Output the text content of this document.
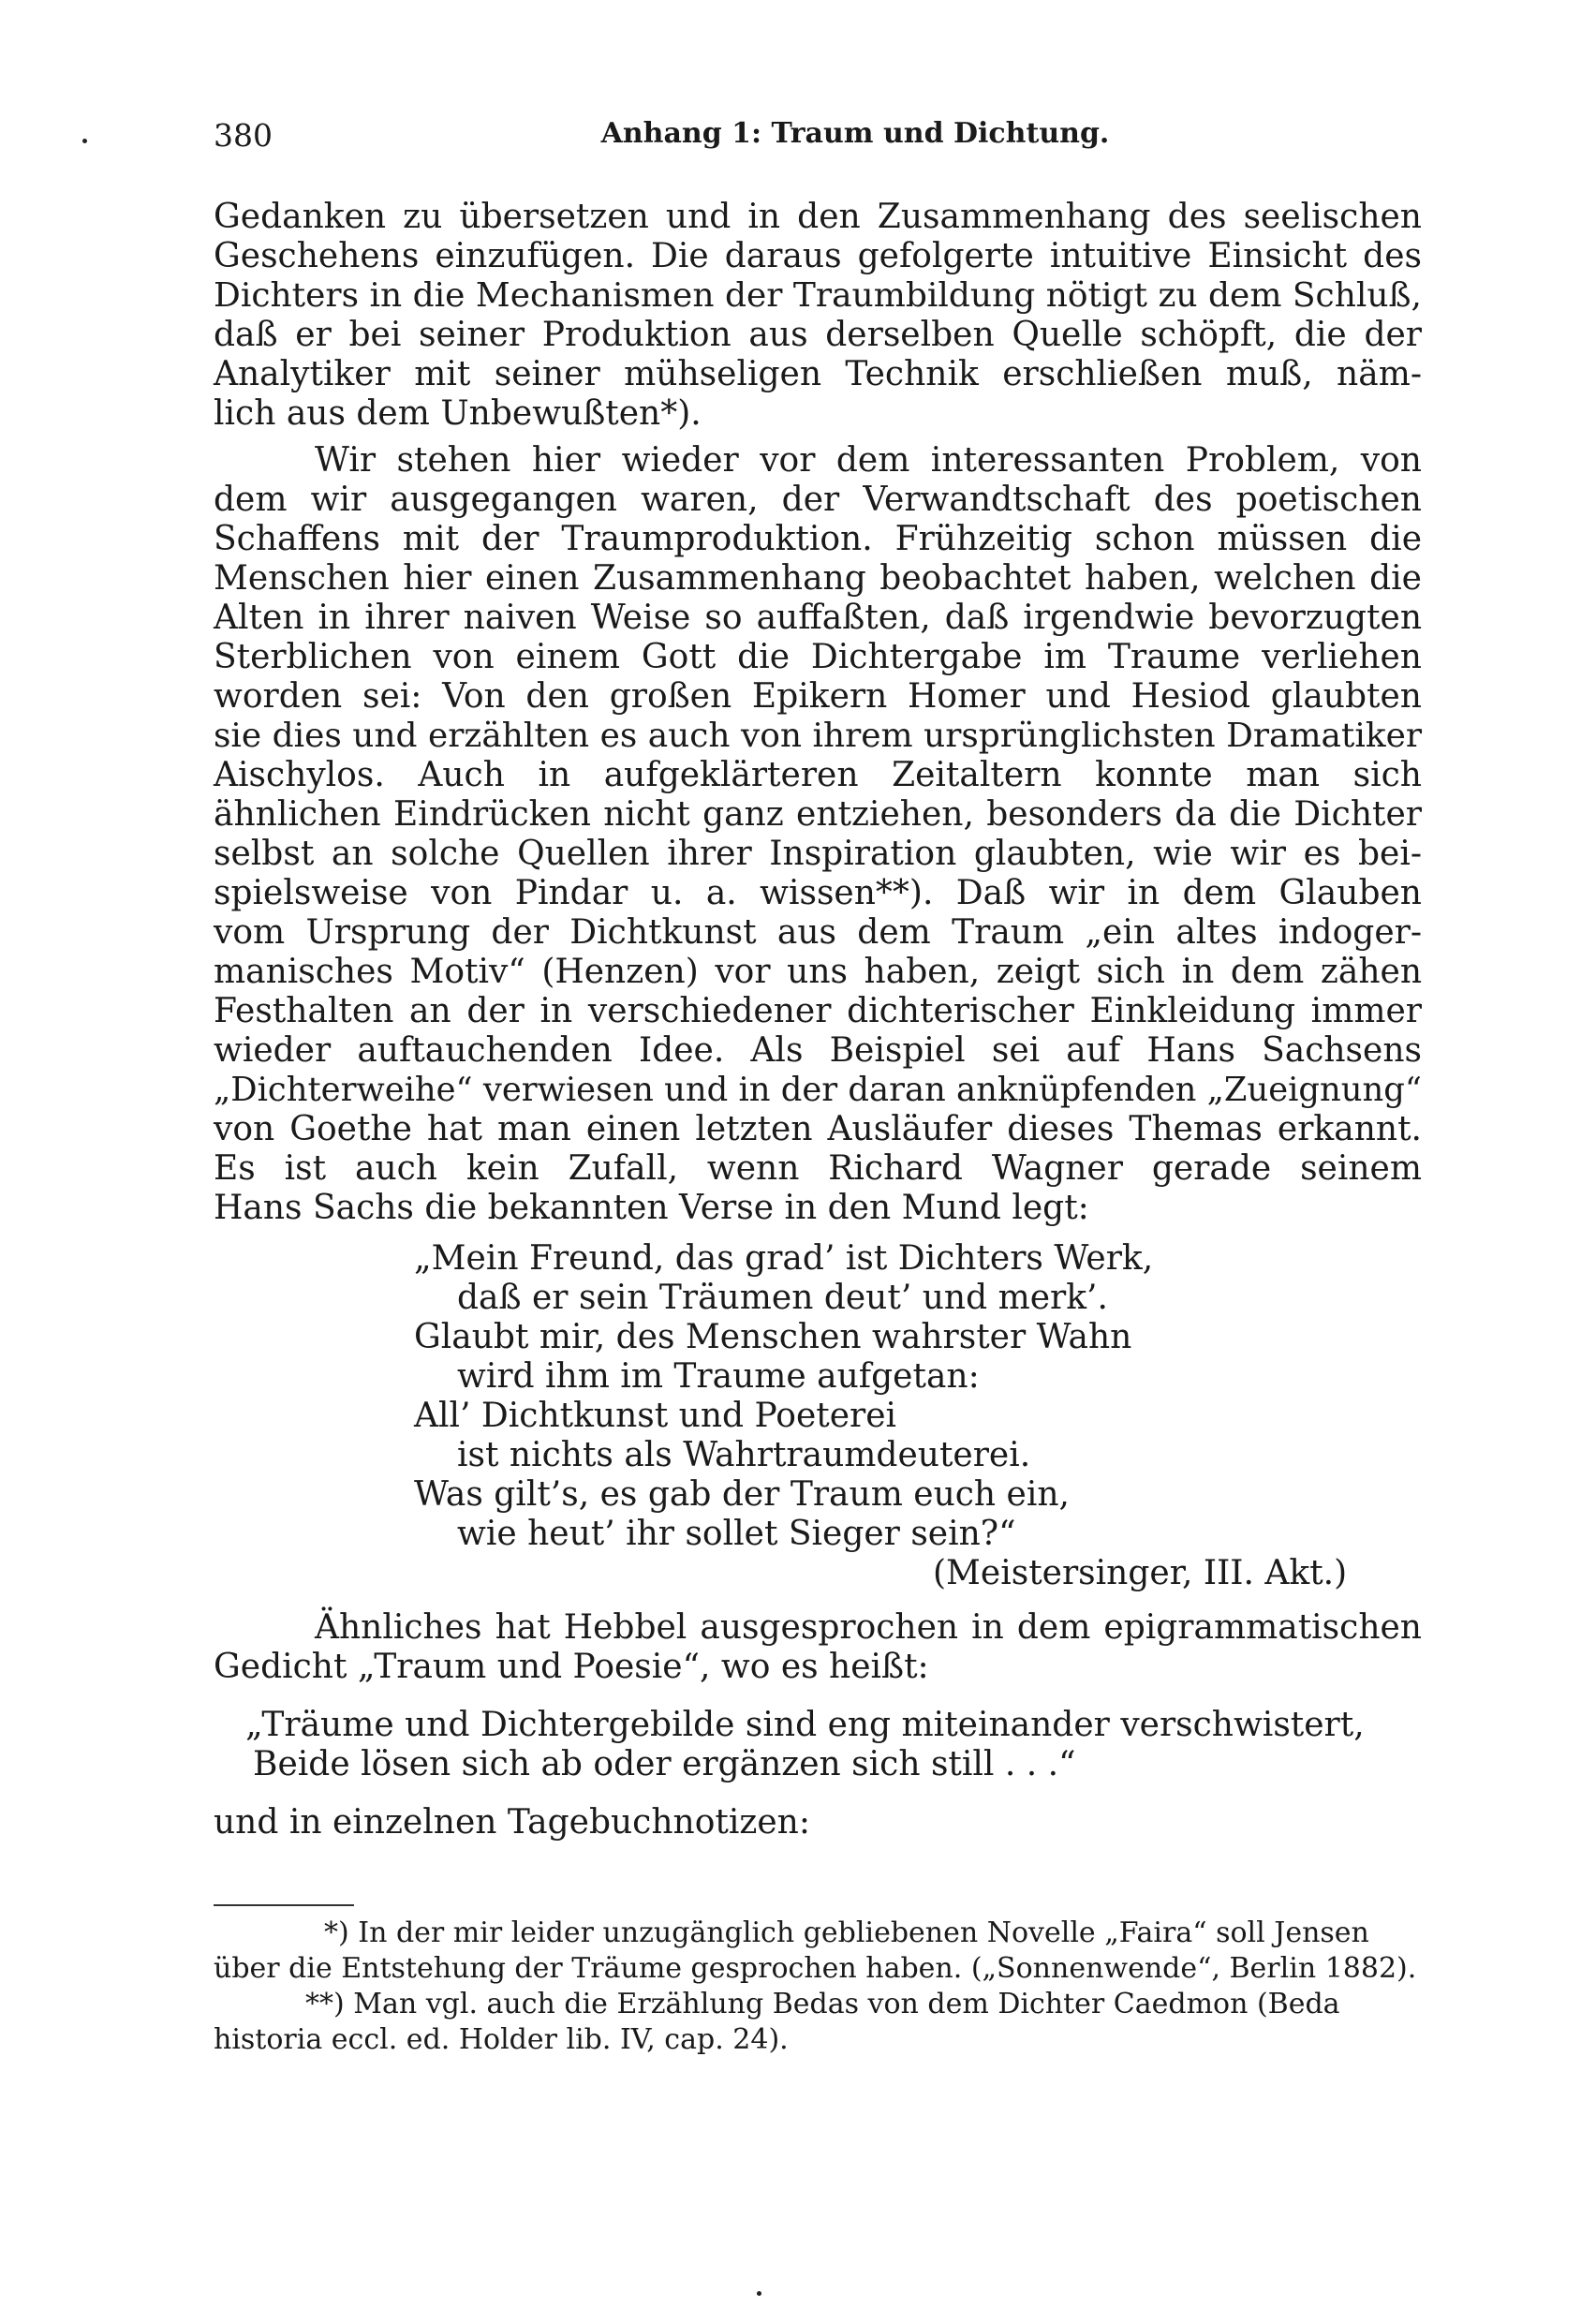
380	Anhang 1: Traum und Dichtung.
Gedanken zu übersetzen und in den Zusammenhang des seelischen
Geschehens einzufügen. Die daraus gefolgerte intuitive Einsicht des
Dichters in die Mechanismen der Traumbildung nötigt zu dem Schluß,
daß er bei seiner Produktion aus derselben Quelle schöpft, die der
Analytiker mit seiner mühseligen Technik erschließen muß, näm-
lich aus dem Unbewußten*).
Wir stehen hier wieder vor dem interessanten Problem, von
dem wir ausgegangen waren, der Verwandtschaft des poetischen
Schaffens mit der Traumproduktion. Frühzeitig schon müssen die
Menschen hier einen Zusammenhang beobachtet haben, welchen die
Alten in ihrer naiven Weise so auffaßten, daß irgendwie bevorzugten
Sterblichen von einem Gott die Dichtergabe im Traume verliehen
worden sei: Von den großen Epikern Homer und Hesiod glaubten
sie dies und erzählten es auch von ihrem ursprünglichsten Dramatiker
Aischylos. Auch in aufgeklärteren Zeitaltern konnte man sich
ähnlichen Eindrücken nicht ganz entziehen, besonders da die Dichter
selbst an solche Quellen ihrer Inspiration glaubten, wie wir es bei-
spielsweise von Pindar u. a. wissen**). Daß wir in dem Glauben
vom Ursprung der Dichtkunst aus dem Traum „ein altes indoger-
manisches Motiv“ (Henzen) vor uns haben, zeigt sich in dem zähen
Festhalten an der in verschiedener dichterischer Einkleidung immer
wieder auftauchenden Idee. Als Beispiel sei auf Hans Sachsens
„Dichterweihe“ verwiesen und in der daran anknüpfenden „Zueignung“
von Goethe hat man einen letzten Ausläufer dieses Themas erkannt.
Es ist auch kein Zufall, wenn Richard Wagner gerade seinem
Hans Sachs die bekannten Verse in den Mund legt:
„Mein Freund, das grad’ ist Dichters Werk,
daß er sein Träumen deut’ und merk’.
Glaubt mir, des Menschen wahrster Wahn
wird ihm im Traume aufgetan:
All’ Dichtkunst und Poeterei
ist nichts als Wahrtraumdeuterei.
Was gilt’s, es gab der Traum euch ein,
wie heut’ ihr sollet Sieger sein?“
(Meistersinger, III. Akt.)
Ähnliches hat Hebbel ausgesprochen in dem epigrammatischen
Gedicht „Traum und Poesie“, wo es heißt:
„Träume und Dichtergebilde sind eng miteinander verschwistert,
Beide lösen sich ab oder ergänzen sich still . . .“
und in einzelnen Tagebuchnotizen:
*) In der mir leider unzugänglich gebliebenen Novelle „Faira“ soll Jensen
über die Entstehung der Träume gesprochen haben. („Sonnenwende“, Berlin 1882).
**) Man vgl. auch die Erzählung Bedas von dem Dichter Caedmon (Beda
historia eccl. ed. Holder lib. IV, cap. 24).
